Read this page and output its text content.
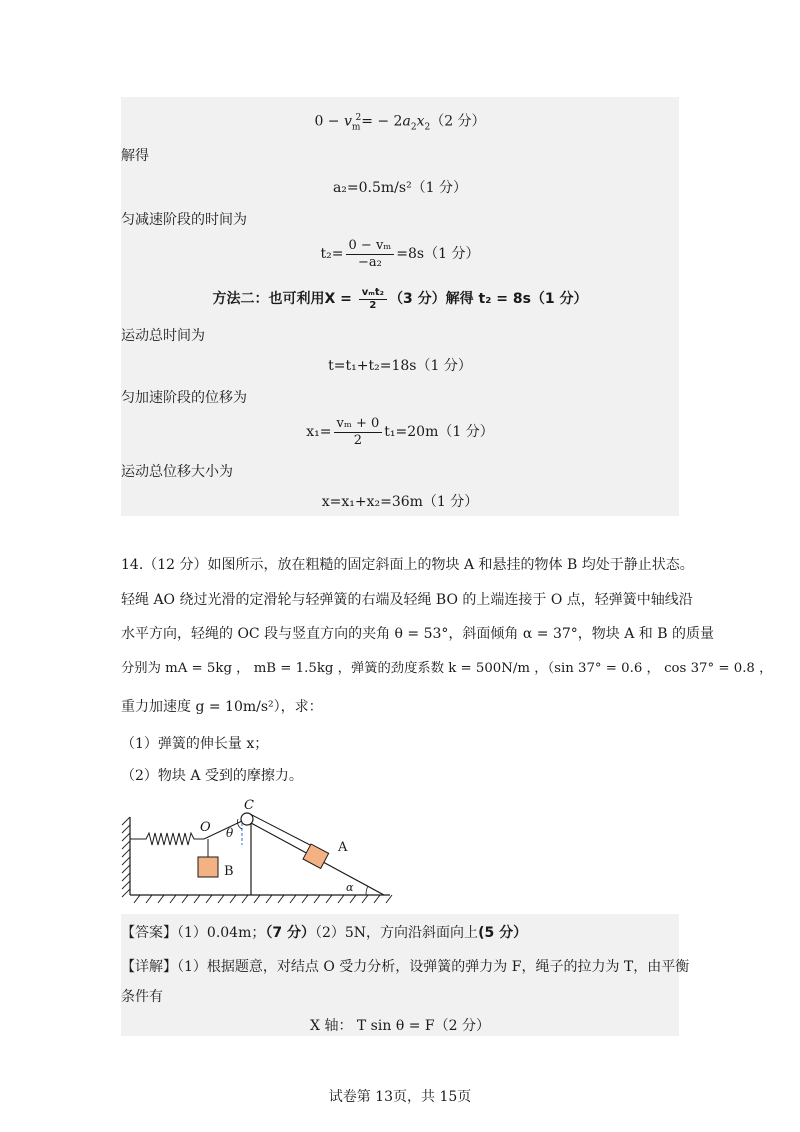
$0 - v_m^2= - 2a_2x_2(2$ 分）
解得
a₂=0.5m/s²（1 分）
匀减速阶段的时间为
$t_2= \frac{\text{0 − vₘ}}{\text{−a₂}} =8s(1$ 分）
方法二：也可利用$X = \frac{\text{vₘt₂}}{2} (3$ 分）解得 t₂ = 8s（1 分）
运动总时间为
t=t₁+t₂=18s（1 分）
匀加速阶段的位移为
$x_1= \frac{\text{vₘ + 0}}{2} t_1=20m(1$ 分）
运动总位移大小为
x=x₁+x₂=36m（1 分）
14.（12 分）如图所示，放在粗糙的固定斜面上的物块 A 和悬挂的物体 B 均处于静止状态。
轻绳 AO 绕过光滑的定滑轮与轻弹簧的右端及轻绳 BO 的上端连接于 O 点，轻弹簧中轴线沿
水平方向，轻绳的 OC 段与竖直方向的夹角 θ = 53°，斜面倾角 α = 37°，物块 A 和 B 的质量
分别为 mA = 5kg ， mB = 1.5kg ，弹簧的劲度系数 k = 500N/m ，（sin 37° = 0.6 ， cos 37° = 0.8 ，
重力加速度 g = 10m/s²），求：
（1）弹簧的伸长量 x；
（2）物块 A 受到的摩擦力。
C
O θ
A
B
α
【答案】（1）0.04m；（7 分）（2）5N，方向沿斜面向上(5 分）
【详解】（1）根据题意，对结点 O 受力分析，设弹簧的弹力为 F，绳子的拉力为 T，由平衡
条件有
X 轴： T sin θ = F（2 分）
试卷第 13页，共 15页
